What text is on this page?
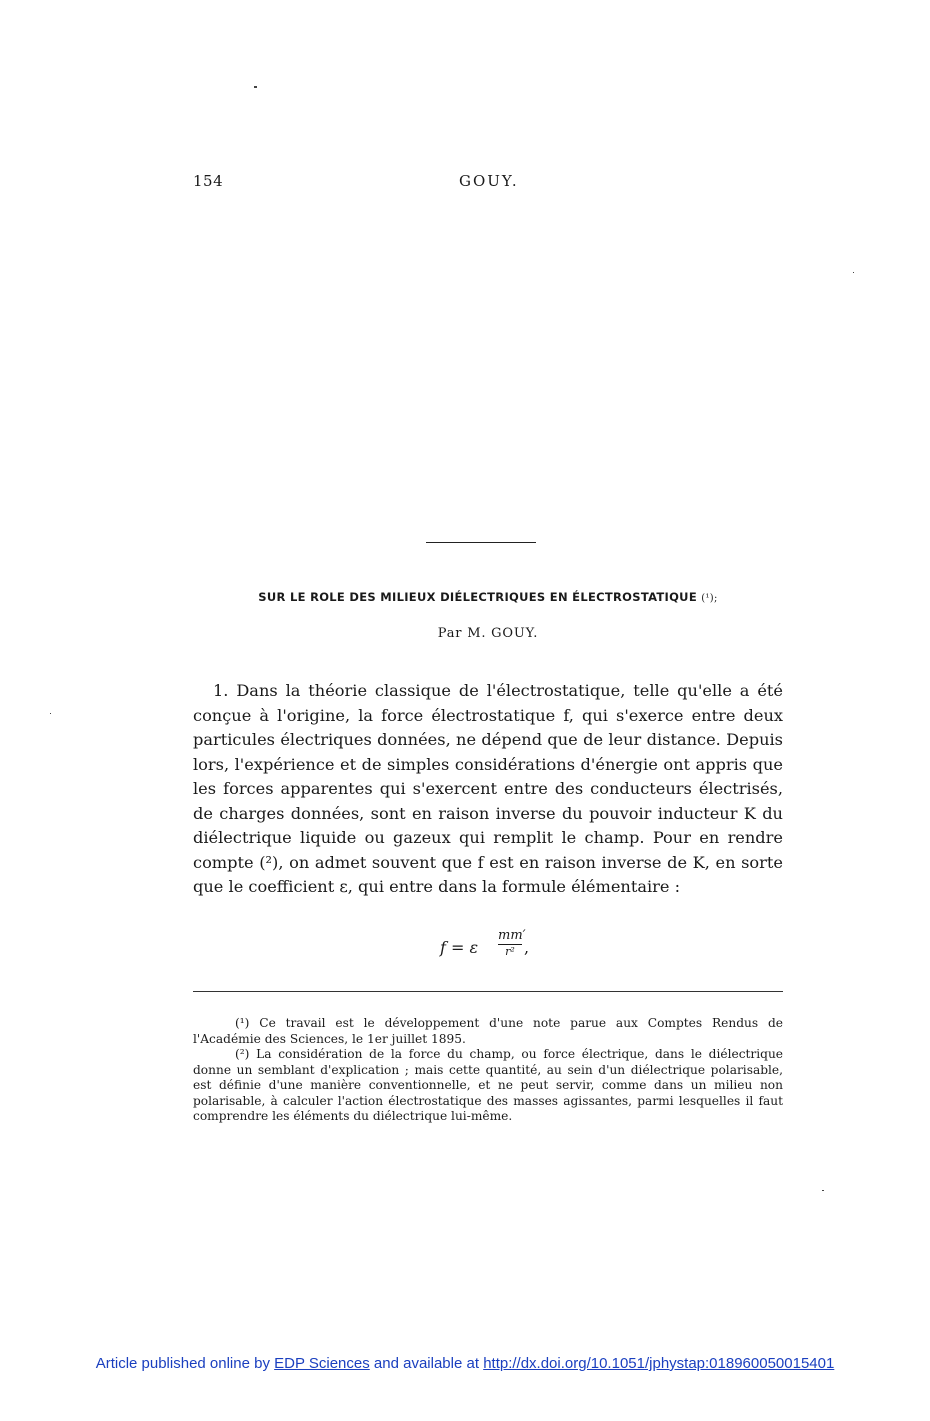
154	GOUY.
SUR LE ROLE DES MILIEUX DIÉLECTRIQUES EN ÉLECTROSTATIQUE (¹);
Par M. GOUY.

1. Dans la théorie classique de l'électrostatique, telle qu'elle a été conçue à l'origine, la force électrostatique f, qui s'exerce entre deux particules électriques données, ne dépend que de leur distance. Depuis lors, l'expérience et de simples considérations d'énergie ont appris que les forces apparentes qui s'exercent entre des conducteurs électrisés, de charges données, sont en raison inverse du pouvoir inducteur K du diélectrique liquide ou gazeux qui remplit le champ. Pour en rendre compte (²), on admet souvent que f est en raison inverse de K, en sorte que le coefficient ε, qui entre dans la formule élémentaire :

f = ε
mm′
r² ,

(¹) Ce travail est le développement d'une note parue aux Comptes Rendus de l'Académie des Sciences, le 1er juillet 1895.

(²) La considération de la force du champ, ou force électrique, dans le diélectrique donne un semblant d'explication ; mais cette quantité, au sein d'un diélectrique polarisable, est définie d'une manière conventionnelle, et ne peut servir, comme dans un milieu non polarisable, à calculer l'action électrostatique des masses agissantes, parmi lesquelles il faut comprendre les éléments du diélectrique lui-même.

Article published online by EDP Sciences and available at http://dx.doi.org/10.1051/jphystap:018960050015401
